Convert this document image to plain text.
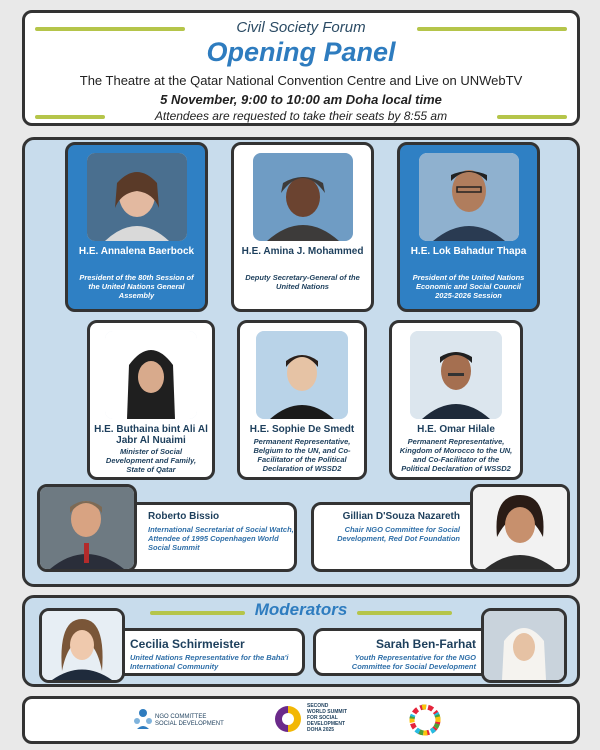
Civil Society Forum
Opening Panel
The Theatre at the Qatar National Convention Centre and Live on UNWebTV
5 November, 9:00 to 10:00 am Doha local time
Attendees are requested to take their seats by 8:55 am
H.E. Annalena Baerbock
President of the 80th Session of the United Nations General Assembly
H.E. Amina J. Mohammed
Deputy Secretary-General of the United Nations
H.E. Lok Bahadur Thapa
President of the United Nations Economic and Social Council 2025-2026 Session
H.E. Buthaina bint Ali Al Jabr Al Nuaimi
Minister of Social Development and Family, State of Qatar
H.E. Sophie De Smedt
Permanent Representative, Belgium to the UN, and Co-Facilitator of the Political Declaration of WSSD2
H.E. Omar Hilale
Permanent Representative, Kingdom of Morocco to the UN, and Co-Facilitator of the Political Declaration of WSSD2
Roberto Bissio
International Secretariat of Social Watch, Attendee of 1995 Copenhagen World Social Summit
Gillian D'Souza Nazareth
Chair NGO Committee for Social Development, Red Dot Foundation
Moderators
Cecilia Schirmeister
United Nations Representative for the Baha'i International Community
Sarah Ben-Farhat
Youth Representative for the NGO Committee for Social Development
NGO COMMITTEE
SOCIAL DEVELOPMENT
SECOND
WORLD SUMMIT
FOR SOCIAL
DEVELOPMENT
DOHA 2025
